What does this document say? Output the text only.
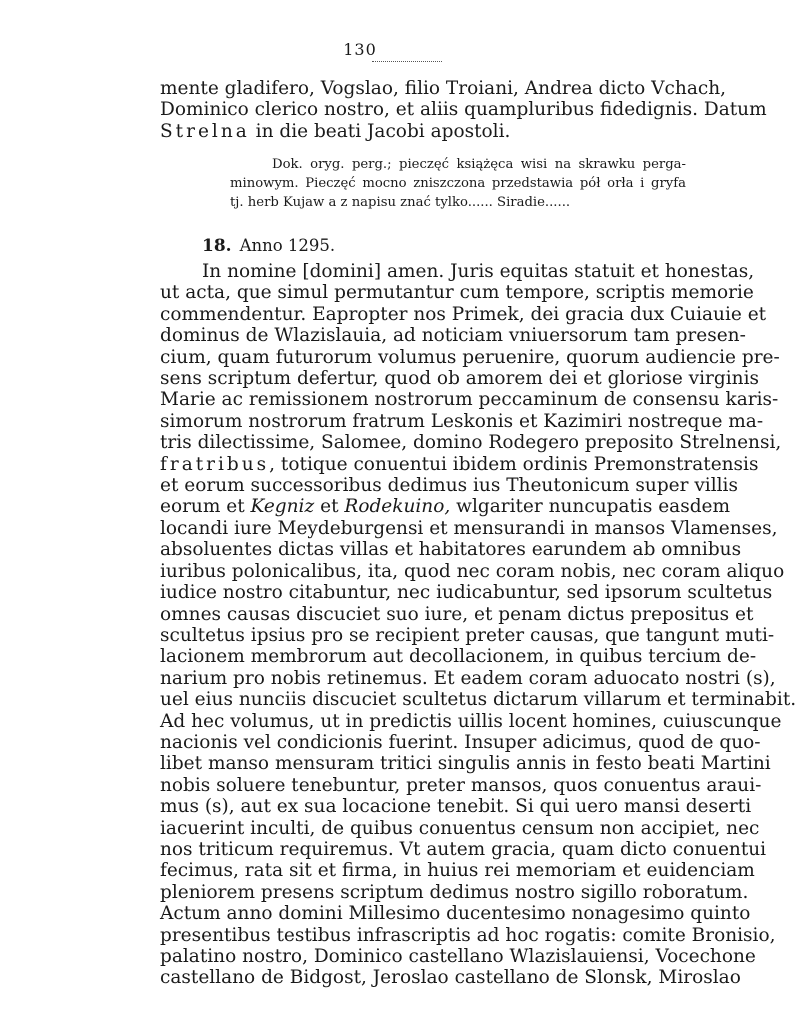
130
mente gladifero, Vogslao, filio Troiani, Andrea dicto Vchach,
Dominico clerico nostro, et aliis quampluribus fidedignis. Datum
Strelna in die beati Jacobi apostoli.
Dok. oryg. perg.; pieczęć książęca wisi na skrawku perga-
minowym. Pieczęć mocno zniszczona przedstawia pół orła i gryfa
tj. herb Kujaw a z napisu znać tylko...... Siradie......
18. Anno 1295.
In nomine [domini] amen. Juris equitas statuit et honestas,
ut acta, que simul permutantur cum tempore, scriptis memorie
commendentur. Eapropter nos Primek, dei gracia dux Cuiauie et
dominus de Wlazislauia, ad noticiam vniuersorum tam presen-
cium, quam futurorum volumus peruenire, quorum audiencie pre-
sens scriptum defertur, quod ob amorem dei et gloriose virginis
Marie ac remissionem nostrorum peccaminum de consensu karis-
simorum nostrorum fratrum Leskonis et Kazimiri nostreque ma-
tris dilectissime, Salomee, domino Rodegero preposito Strelnensi,
fratribus, totique conuentui ibidem ordinis Premonstratensis
et eorum successoribus dedimus ius Theutonicum super villis
eorum et Kegniz et Rodekuino, wlgariter nuncupatis easdem
locandi iure Meydeburgensi et mensurandi in mansos Vlamenses,
absoluentes dictas villas et habitatores earundem ab omnibus
iuribus polonicalibus, ita, quod nec coram nobis, nec coram aliquo
iudice nostro citabuntur, nec iudicabuntur, sed ipsorum scultetus
omnes causas discuciet suo iure, et penam dictus prepositus et
scultetus ipsius pro se recipient preter causas, que tangunt muti-
lacionem membrorum aut decollacionem, in quibus tercium de-
narium pro nobis retinemus. Et eadem coram aduocato nostri (s),
uel eius nunciis discuciet scultetus dictarum villarum et terminabit.
Ad hec volumus, ut in predictis uillis locent homines, cuiuscunque
nacionis vel condicionis fuerint. Insuper adicimus, quod de quo-
libet manso mensuram tritici singulis annis in festo beati Martini
nobis soluere tenebuntur, preter mansos, quos conuentus araui-
mus (s), aut ex sua locacione tenebit. Si qui uero mansi deserti
iacuerint inculti, de quibus conuentus censum non accipiet, nec
nos triticum requiremus. Vt autem gracia, quam dicto conuentui
fecimus, rata sit et firma, in huius rei memoriam et euidenciam
pleniorem presens scriptum dedimus nostro sigillo roboratum.
Actum anno domini Millesimo ducentesimo nonagesimo quinto
presentibus testibus infrascriptis ad hoc rogatis: comite Bronisio,
palatino nostro, Dominico castellano Wlazislauiensi, Vocechone
castellano de Bidgost, Jeroslao castellano de Slonsk, Miroslao
